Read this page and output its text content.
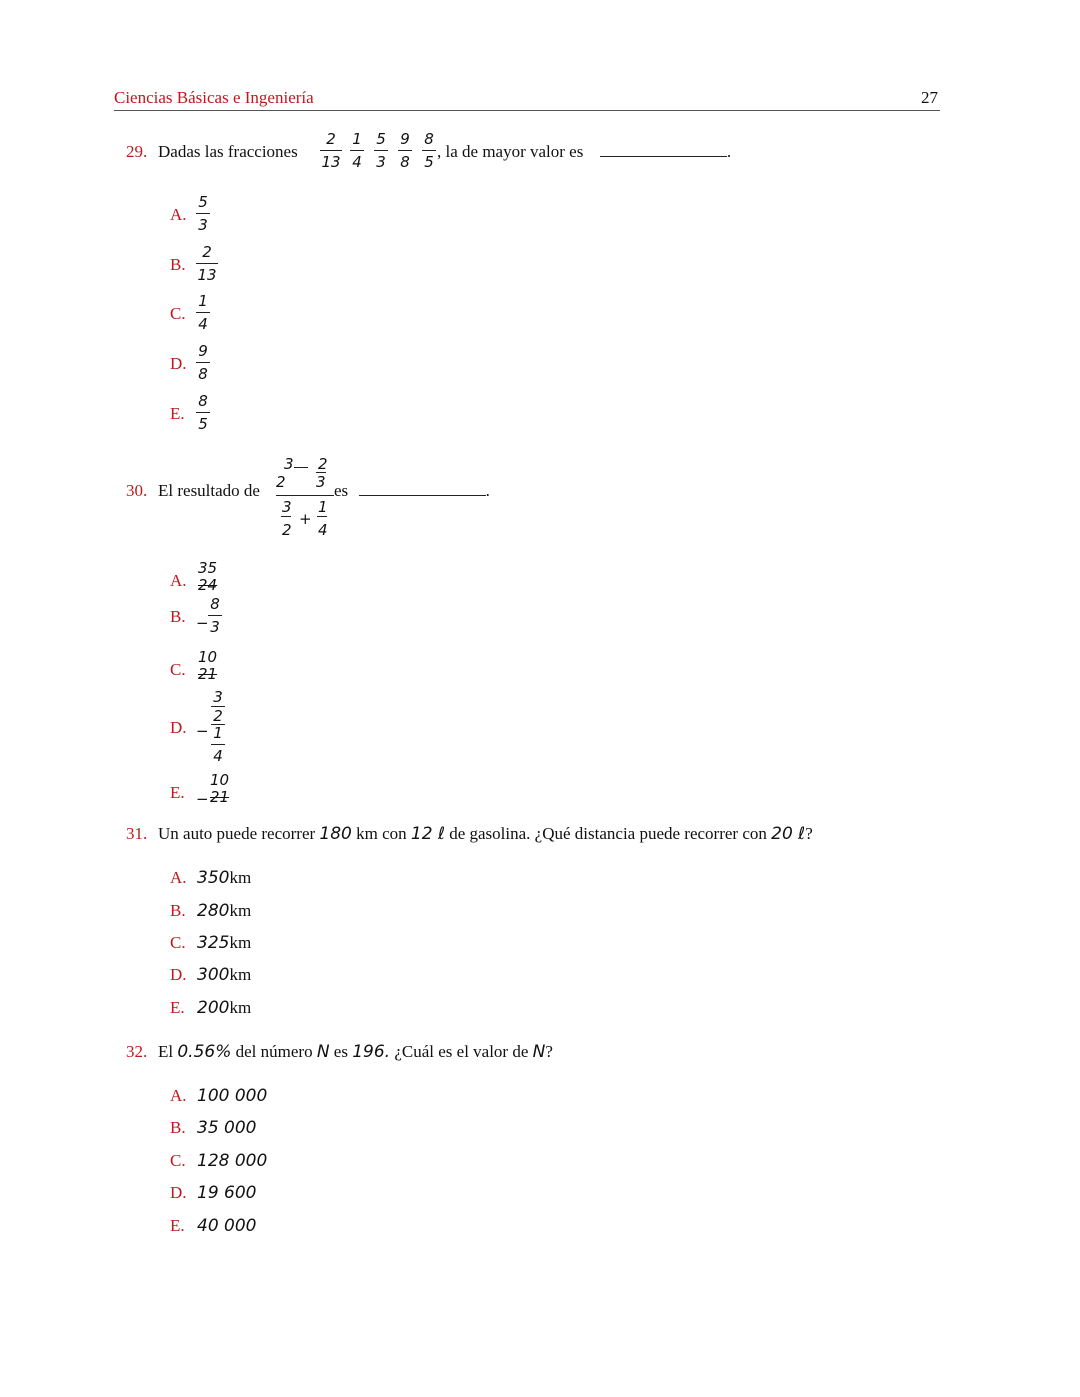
Ciencias Básicas e Ingeniería	27
29. Dadas las fracciones
2
13
1
4
5
3
9
8
8
5
, la de mayor valor es	.
A.
5
3
B.
2
13
C.
1
4
D.
9
8
E.
8
5
30. El resultado de
3
2
2
3
3
2
+
1
4
es	.
A.
35
24
B. −
8
3
C.
10
21
D. −
3
2
1
4
E. −
10
21
31. Un auto puede recorrer 180 km con 12 ℓ de gasolina. ¿Qué distancia puede recorrer con 20 ℓ?
A. 350km
B. 280km
C. 325km
D. 300km
E. 200km
32. El 0.56% del número N es 196. ¿Cuál es el valor de N?
A. 100 000
B. 35 000
C. 128 000
D. 19 600
E. 40 000
